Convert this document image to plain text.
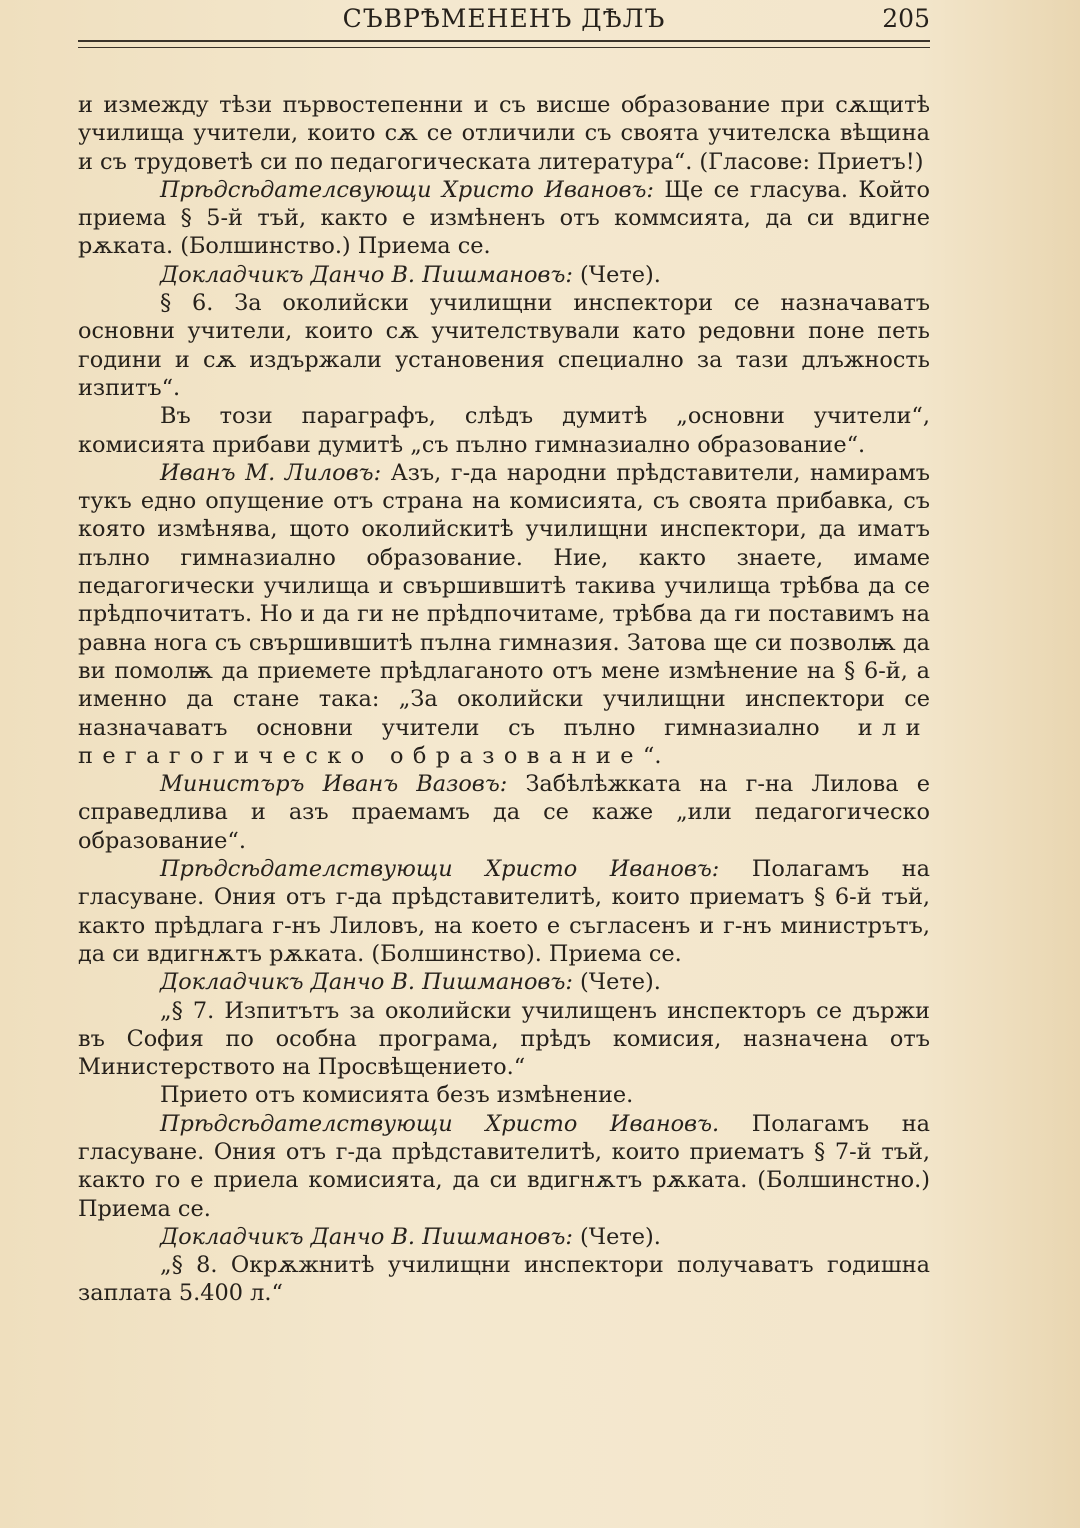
СЪВРѢМЕНЕНЪ ДѢЛЪ	205

и измежду тѣзи първостепенни и съ висше образование при сѫщитѣ училища учители, които сѫ се отличили съ своята учителска вѣщина и съ трудоветѣ си по педагогическата литература“. (Гласове: Приетъ!)

Прѣдсѣдателсвующи Христо Ивановъ: Ще се гласува. Който приема § 5-й тъй, както е измѣненъ отъ коммсията, да си вдигне рѫката. (Болшинство.) Приема се.

Докладчикъ Данчо В. Пишмановъ: (Чете).

§ 6. За околийски училищни инспектори се назначаватъ основни учители, които сѫ учителствували като редовни поне петь години и сѫ издържали установения специално за тази длъжность изпитъ“.

Въ този параграфъ, слѣдъ думитѣ „основни учители“, комисията прибави думитѣ „съ пълно гимназиално образование“.

Иванъ М. Лиловъ: Азъ, г-да народни прѣдставители, намирамъ тукъ едно опущение отъ страна на комисията, съ своята прибавка, съ която измѣнява, щото околийскитѣ училищни инспектори, да иматъ пълно гимназиално образование. Ние, както знаете, имаме педагогически училища и свършившитѣ такива училища трѣбва да се прѣдпочитатъ. Но и да ги не прѣдпочитаме, трѣбва да ги поставимъ на равна нога съ свършившитѣ пълна гимназия. Затова ще си позволѭ да ви помолѭ да приемете прѣдлаганото отъ мене измѣнение на § 6-й, а именно да стане така: „За околийски училищни инспектори се назначаватъ основни учители съ пълно гимназиално или пегагогическо образование“.

Министъръ Иванъ Вазовъ: Забѣлѣжката на г-на Лилова е справедлива и азъ праемамъ да се каже „или педагогическо образование“.

Прѣдсѣдателствующи Христо Ивановъ: Полагамъ на гласуване. Ония отъ г-да прѣдставителитѣ, които приематъ § 6-й тъй, както прѣдлага г-нъ Лиловъ, на което е съгласенъ и г-нъ министрътъ, да си вдигнѫтъ рѫката. (Болшинство). Приема се.

Докладчикъ Данчо В. Пишмановъ: (Чете).

„§ 7. Изпитътъ за околийски училищенъ инспекторъ се държи въ София по особна програма, прѣдъ комисия, назначена отъ Министерството на Просвѣщението.“

Прието отъ комисията безъ измѣнение.

Прѣдсѣдателствующи Христо Ивановъ. Полагамъ на гласуване. Ония отъ г-да прѣдставителитѣ, които приематъ § 7-й тъй, както го е приела комисията, да си вдигнѫтъ рѫката. (Болшинстно.) Приема се.

Докладчикъ Данчо В. Пишмановъ: (Чете).

„§ 8. Окрѫжнитѣ училищни инспектори получаватъ годишна заплата 5.400 л.“
